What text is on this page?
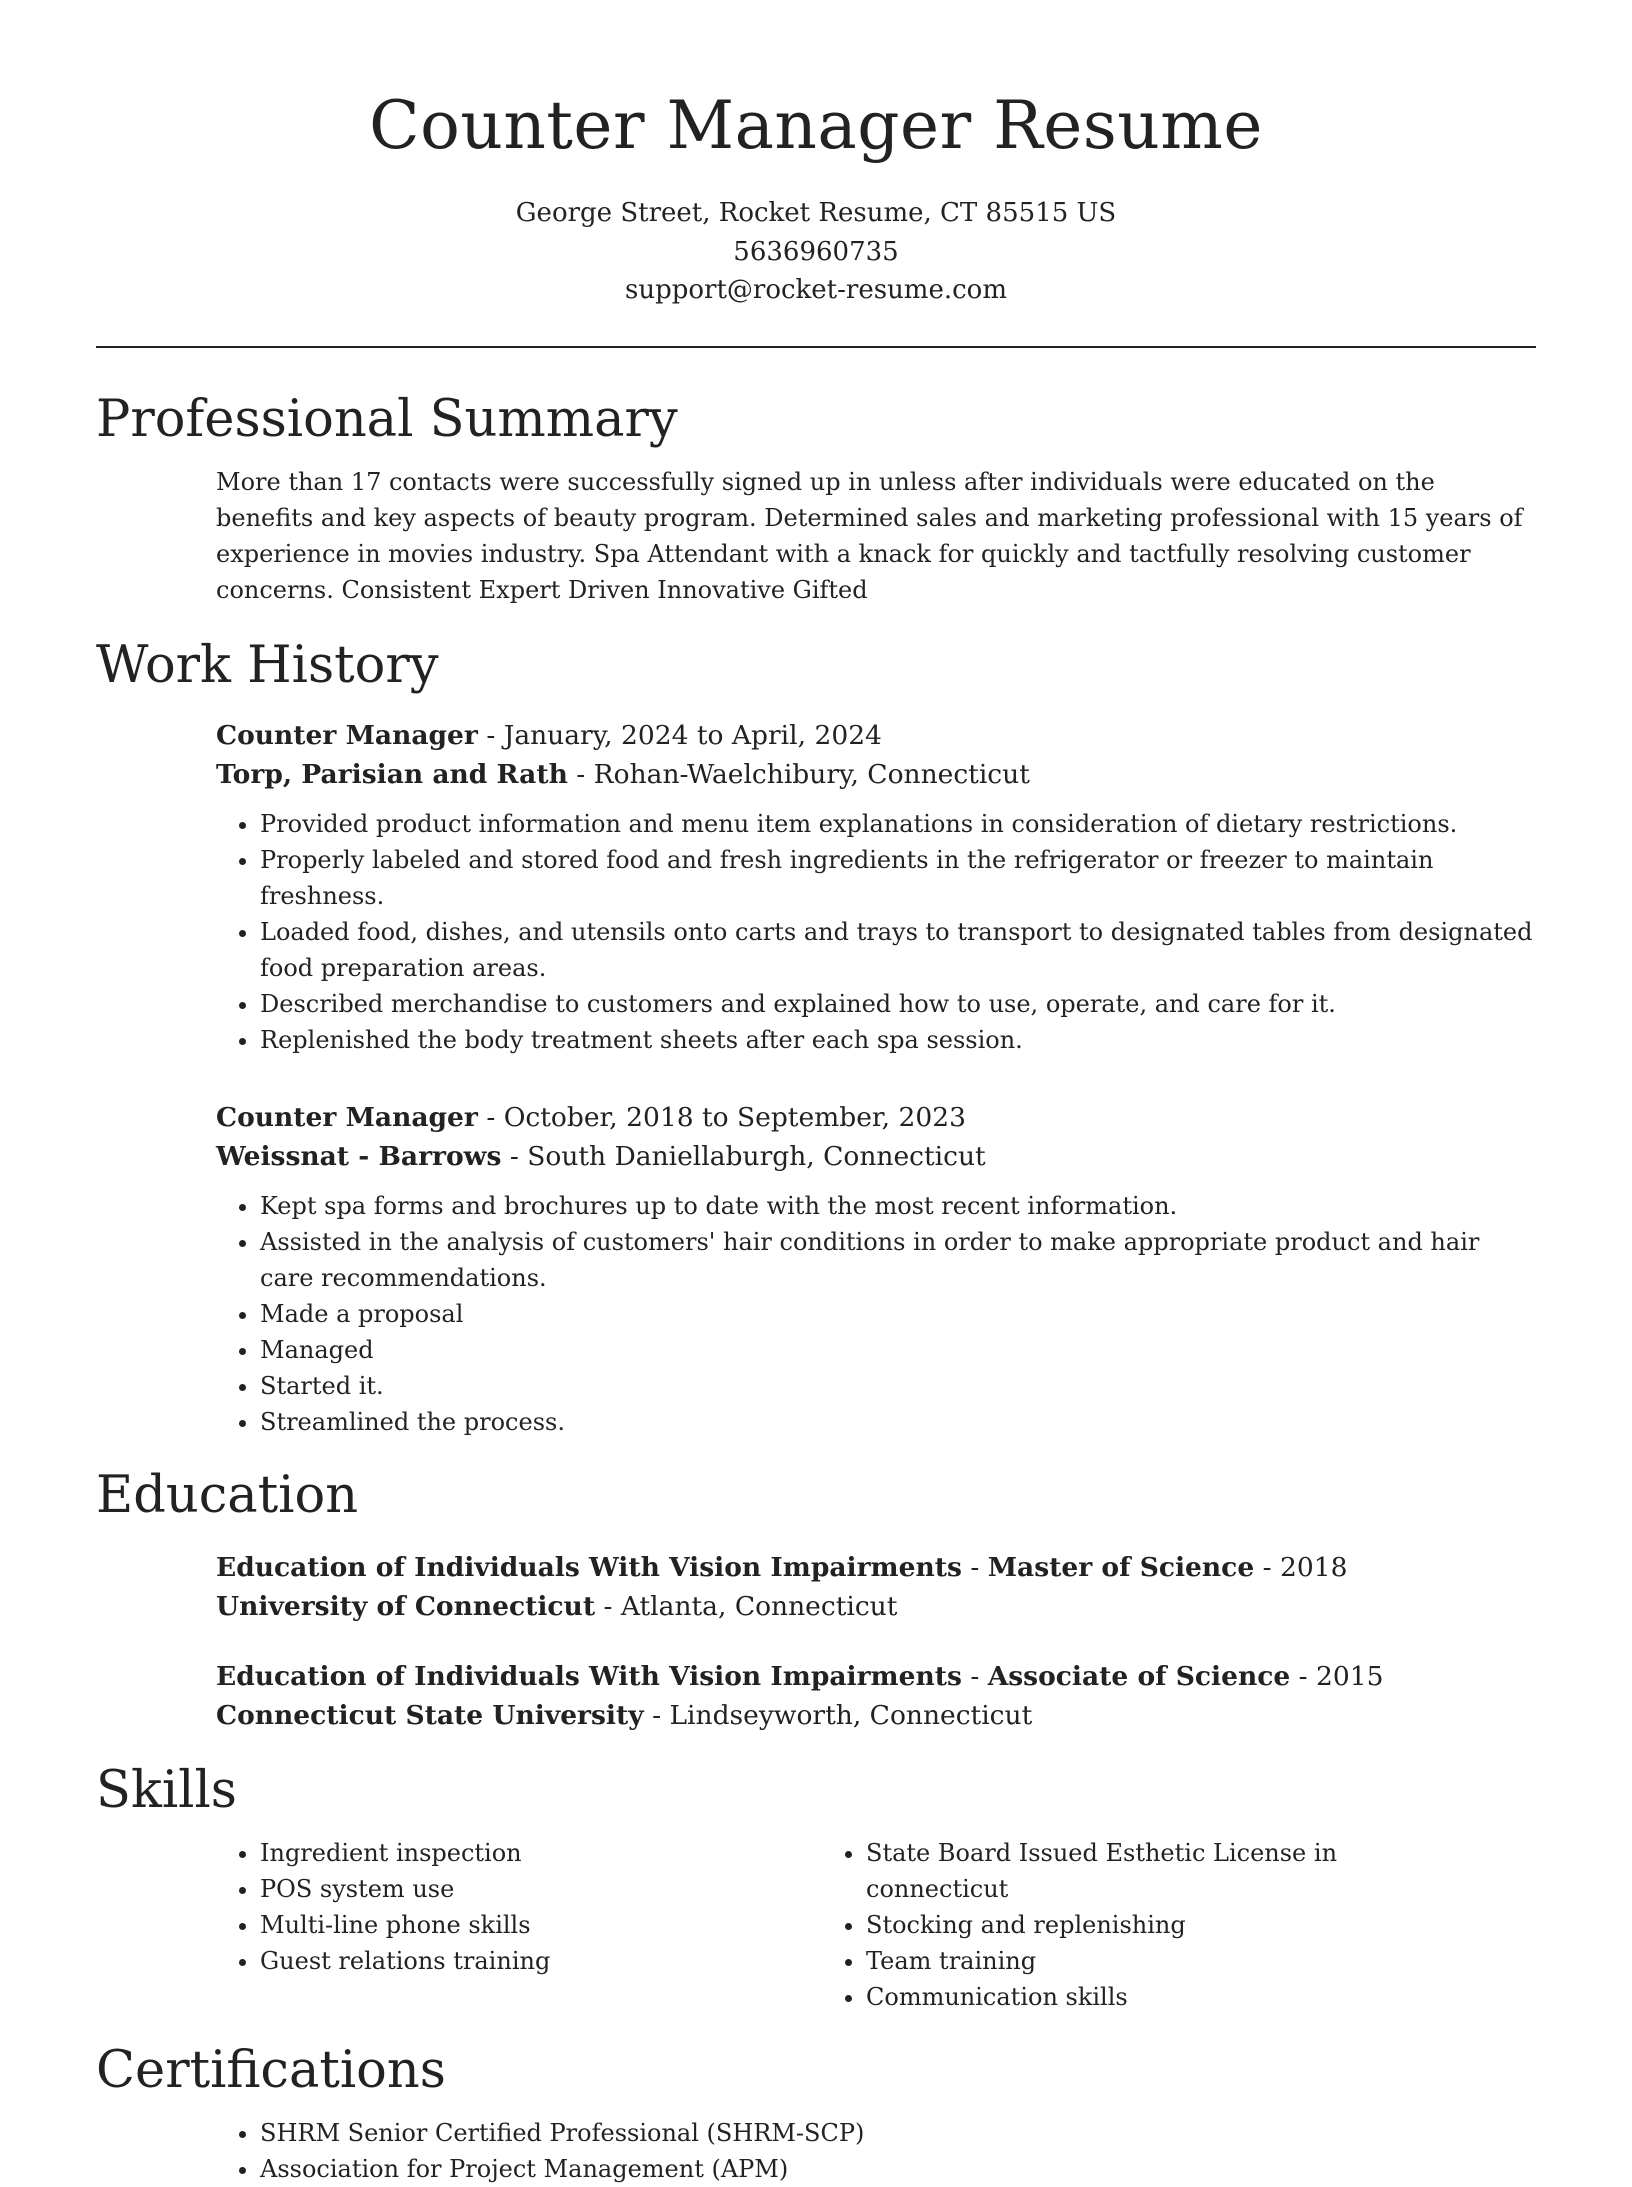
Counter Manager Resume
George Street, Rocket Resume, CT 85515 US
5636960735
support@rocket-resume.com
Professional Summary
More than 17 contacts were successfully signed up in unless after individuals were educated on the benefits and key aspects of beauty program. Determined sales and marketing professional with 15 years of experience in movies industry. Spa Attendant with a knack for quickly and tactfully resolving customer concerns. Consistent Expert Driven Innovative Gifted
Work History
Counter Manager - January, 2024 to April, 2024
Torp, Parisian and Rath - Rohan-Waelchibury, Connecticut
• Provided product information and menu item explanations in consideration of dietary restrictions.
• Properly labeled and stored food and fresh ingredients in the refrigerator or freezer to maintain freshness.
• Loaded food, dishes, and utensils onto carts and trays to transport to designated tables from designated food preparation areas.
• Described merchandise to customers and explained how to use, operate, and care for it.
• Replenished the body treatment sheets after each spa session.
Counter Manager - October, 2018 to September, 2023
Weissnat - Barrows - South Daniellaburgh, Connecticut
• Kept spa forms and brochures up to date with the most recent information.
• Assisted in the analysis of customers' hair conditions in order to make appropriate product and hair care recommendations.
• Made a proposal
• Managed
• Started it.
• Streamlined the process.
Education
Education of Individuals With Vision Impairments - Master of Science - 2018
University of Connecticut - Atlanta, Connecticut
Education of Individuals With Vision Impairments - Associate of Science - 2015
Connecticut State University - Lindseyworth, Connecticut
Skills
• Ingredient inspection
• POS system use
• Multi-line phone skills
• Guest relations training
• State Board Issued Esthetic License in connecticut
• Stocking and replenishing
• Team training
• Communication skills
Certifications
• SHRM Senior Certified Professional (SHRM-SCP)
• Association for Project Management (APM)
